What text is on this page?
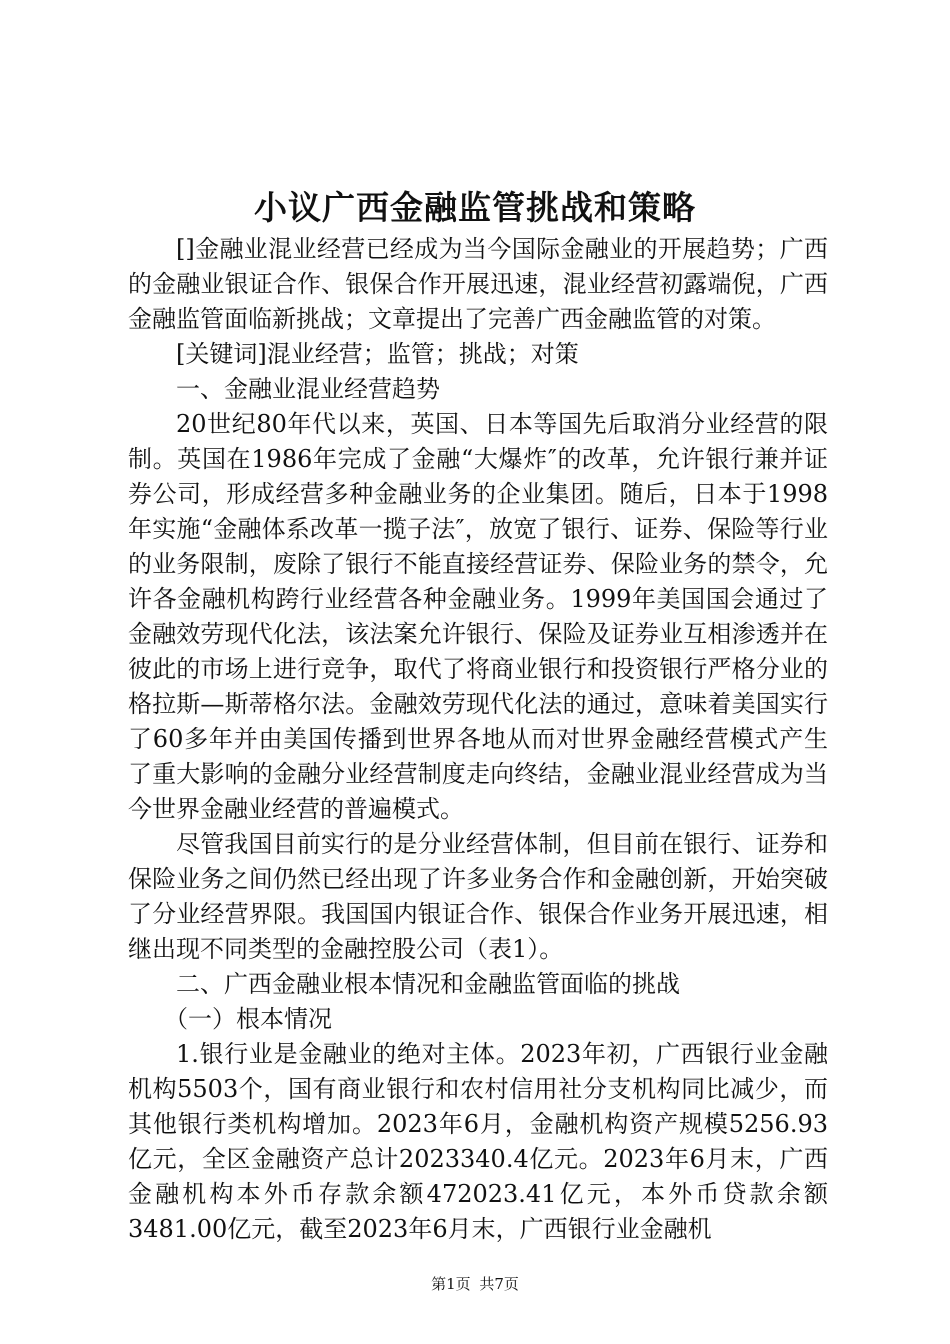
小议广西金融监管挑战和策略

[]金融业混业经营已经成为当今国际金融业的开展趋势；广西的金融业银证合作、银保合作开展迅速，混业经营初露端倪，广西金融监管面临新挑战；文章提出了完善广西金融监管的对策。

[关键词]混业经营；监管；挑战；对策

一、金融业混业经营趋势

20世纪80年代以来，英国、日本等国先后取消分业经营的限制。英国在1986年完成了金融“大爆炸″的改革，允许银行兼并证券公司，形成经营多种金融业务的企业集团。随后，日本于1998年实施“金融体系改革一揽子法″，放宽了银行、证券、保险等行业的业务限制，废除了银行不能直接经营证券、保险业务的禁令，允许各金融机构跨行业经营各种金融业务。1999年美国国会通过了金融效劳现代化法，该法案允许银行、保险及证券业互相渗透并在彼此的市场上进行竞争，取代了将商业银行和投资银行严格分业的格拉斯—斯蒂格尔法。金融效劳现代化法的通过，意味着美国实行了60多年并由美国传播到世界各地从而对世界金融经营模式产生了重大影响的金融分业经营制度走向终结，金融业混业经营成为当今世界金融业经营的普遍模式。

尽管我国目前实行的是分业经营体制，但目前在银行、证券和保险业务之间仍然已经出现了许多业务合作和金融创新，开始突破了分业经营界限。我国国内银证合作、银保合作业务开展迅速，相继出现不同类型的金融控股公司（表1）。

二、广西金融业根本情况和金融监管面临的挑战

（一）根本情况

1.银行业是金融业的绝对主体。2023年初，广西银行业金融机构5503个，国有商业银行和农村信用社分支机构同比减少，而其他银行类机构增加。2023年6月，金融机构资产规模5256.93亿元，全区金融资产总计2023340.4亿元。2023年6月末，广西金融机构本外币存款余额472023.41亿元，本外币贷款余额3481.00亿元，截至2023年6月末，广西银行业金融机

第1页 共7页
